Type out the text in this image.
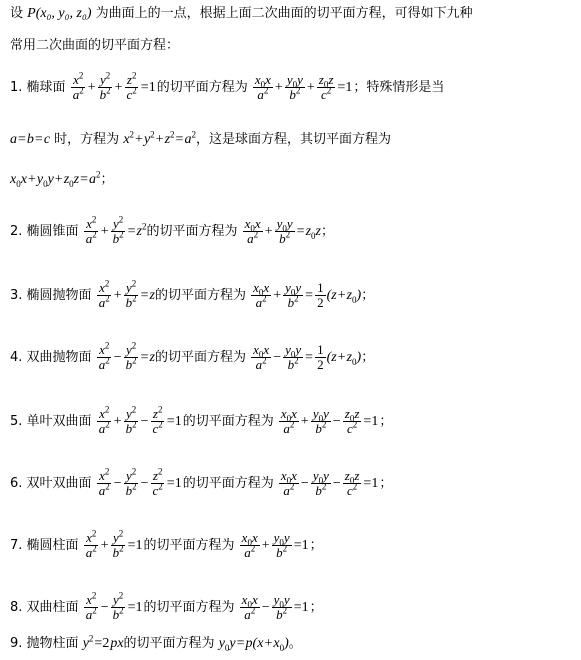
设 P(x₀, y₀, z₀) 为曲面上的一点，根据上面二次曲面的切平面方程，可得如下九种
常用二次曲面的切平面方程：
1. 椭球面 $\frac{x^2}{a^2} + \frac{y^2}{b^2} + \frac{z^2}{c^2} =1$的切平面方程为 $\frac{x_0x}{a^2} + \frac{y_0y}{b^2} + \frac{z_0z}{c^2} =1$；特殊情形是当
a=b=c 时，方程为 $x^2+y^2+z^2=a^2$，这是球面方程，其切平面方程为
$x_0x+y_0y+z_0z=a^2$；
2. 椭圆锥面 $\frac{x^2}{a^2} + \frac{y^2}{b^2} =z^2$的切平面方程为 $\frac{x_0x}{a^2} + \frac{y_0y}{b^2} =z_0z$；
3. 椭圆抛物面 $\frac{x^2}{a^2} + \frac{y^2}{b^2} =z$的切平面方程为 $\frac{x_0x}{a^2} + \frac{y_0y}{b^2} = \frac{1}{2} (z+z_0)$；
4. 双曲抛物面 $\frac{x^2}{a^2} - \frac{y^2}{b^2} =z$的切平面方程为 $\frac{x_0x}{a^2} - \frac{y_0y}{b^2} = \frac{1}{2} (z+z_0)$；
5. 单叶双曲面 $\frac{x^2}{a^2} + \frac{y^2}{b^2} - \frac{z^2}{c^2} =1$的切平面方程为 $\frac{x_0x}{a^2} + \frac{y_0y}{b^2} - \frac{z_0z}{c^2} =1$；
6. 双叶双曲面 $\frac{x^2}{a^2} - \frac{y^2}{b^2} - \frac{z^2}{c^2} =1$的切平面方程为 $\frac{x_0x}{a^2} - \frac{y_0y}{b^2} - \frac{z_0z}{c^2} =1$；
7. 椭圆柱面 $\frac{x^2}{a^2} + \frac{y^2}{b^2} =1$的切平面方程为 $\frac{x_0x}{a^2} + \frac{y_0y}{b^2} =1$；
8. 双曲柱面 $\frac{x^2}{a^2} - \frac{y^2}{b^2} =1$的切平面方程为 $\frac{x_0x}{a^2} - \frac{y_0y}{b^2} =1$；
9. 抛物柱面 $y^2=2px$的切平面方程为 $y_0y=p(x+x_0)$。
